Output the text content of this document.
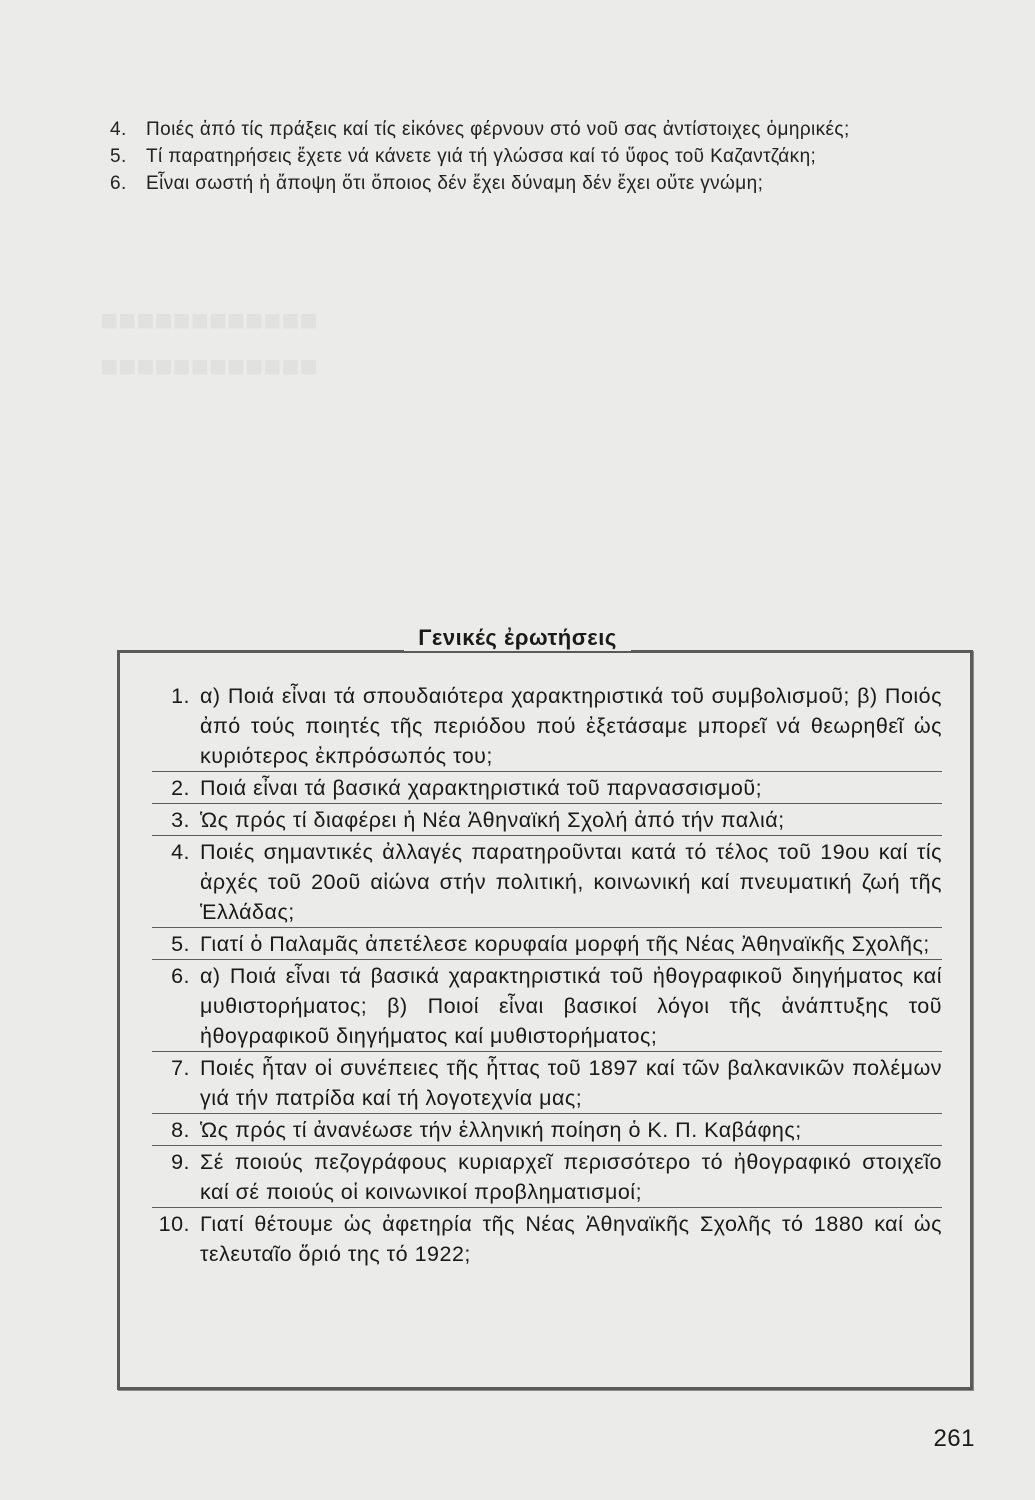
■■■■■■■■■■■■
■■■■■■■■■■■■
4.	Ποιές ἀπό τίς πράξεις καί τίς εἰκόνες φέρνουν στό νοῦ σας ἀντίστοιχες ὁμηρικές;
5.	Τί παρατηρήσεις ἔχετε νά κάνετε γιά τή γλώσσα καί τό ὕφος τοῦ Καζαντζάκη;
6.	Εἶναι σωστή ἡ ἄποψη ὅτι ὅποιος δέν ἔχει δύναμη δέν ἔχει οὔτε γνώμη;
Γενικές ἐρωτήσεις
1. α) Ποιά εἶναι τά σπουδαιότερα χαρακτηριστικά τοῦ συμβολισμοῦ; β) Ποιός ἀπό τούς ποιητές τῆς περιόδου πού ἐξετάσαμε μπορεῖ νά θεωρηθεῖ ὡς κυριότερος ἐκπρόσωπός του;
2. Ποιά εἶναι τά βασικά χαρακτηριστικά τοῦ παρνασσισμοῦ;
3. Ὡς πρός τί διαφέρει ἡ Νέα Ἀθηναϊκή Σχολή ἀπό τήν παλιά;
4. Ποιές σημαντικές ἀλλαγές παρατηροῦνται κατά τό τέλος τοῦ 19ου καί τίς ἀρχές τοῦ 20οῦ αἰώνα στήν πολιτική, κοινωνική καί πνευματική ζωή τῆς Ἑλλάδας;
5. Γιατί ὁ Παλαμᾶς ἀπετέλεσε κορυφαία μορφή τῆς Νέας Ἀθηναϊκῆς Σχολῆς;
6. α) Ποιά εἶναι τά βασικά χαρακτηριστικά τοῦ ἠθογραφικοῦ διηγήματος καί μυθιστορήματος; β) Ποιοί εἶναι βασικοί λόγοι τῆς ἀνάπτυξης τοῦ ἠθογραφικοῦ διηγήματος καί μυθιστορήματος;
7. Ποιές ἦταν οἱ συνέπειες τῆς ἧττας τοῦ 1897 καί τῶν βαλκανικῶν πολέμων γιά τήν πατρίδα καί τή λογοτεχνία μας;
8. Ὡς πρός τί ἀνανέωσε τήν ἑλληνική ποίηση ὁ Κ. Π. Καβάφης;
9. Σέ ποιούς πεζογράφους κυριαρχεῖ περισσότερο τό ἠθογραφικό στοιχεῖο καί σέ ποιούς οἱ κοινωνικοί προβληματισμοί;
10. Γιατί θέτουμε ὡς ἀφετηρία τῆς Νέας Ἀθηναϊκῆς Σχολῆς τό 1880 καί ὡς τελευταῖο ὅριό της τό 1922;
261
